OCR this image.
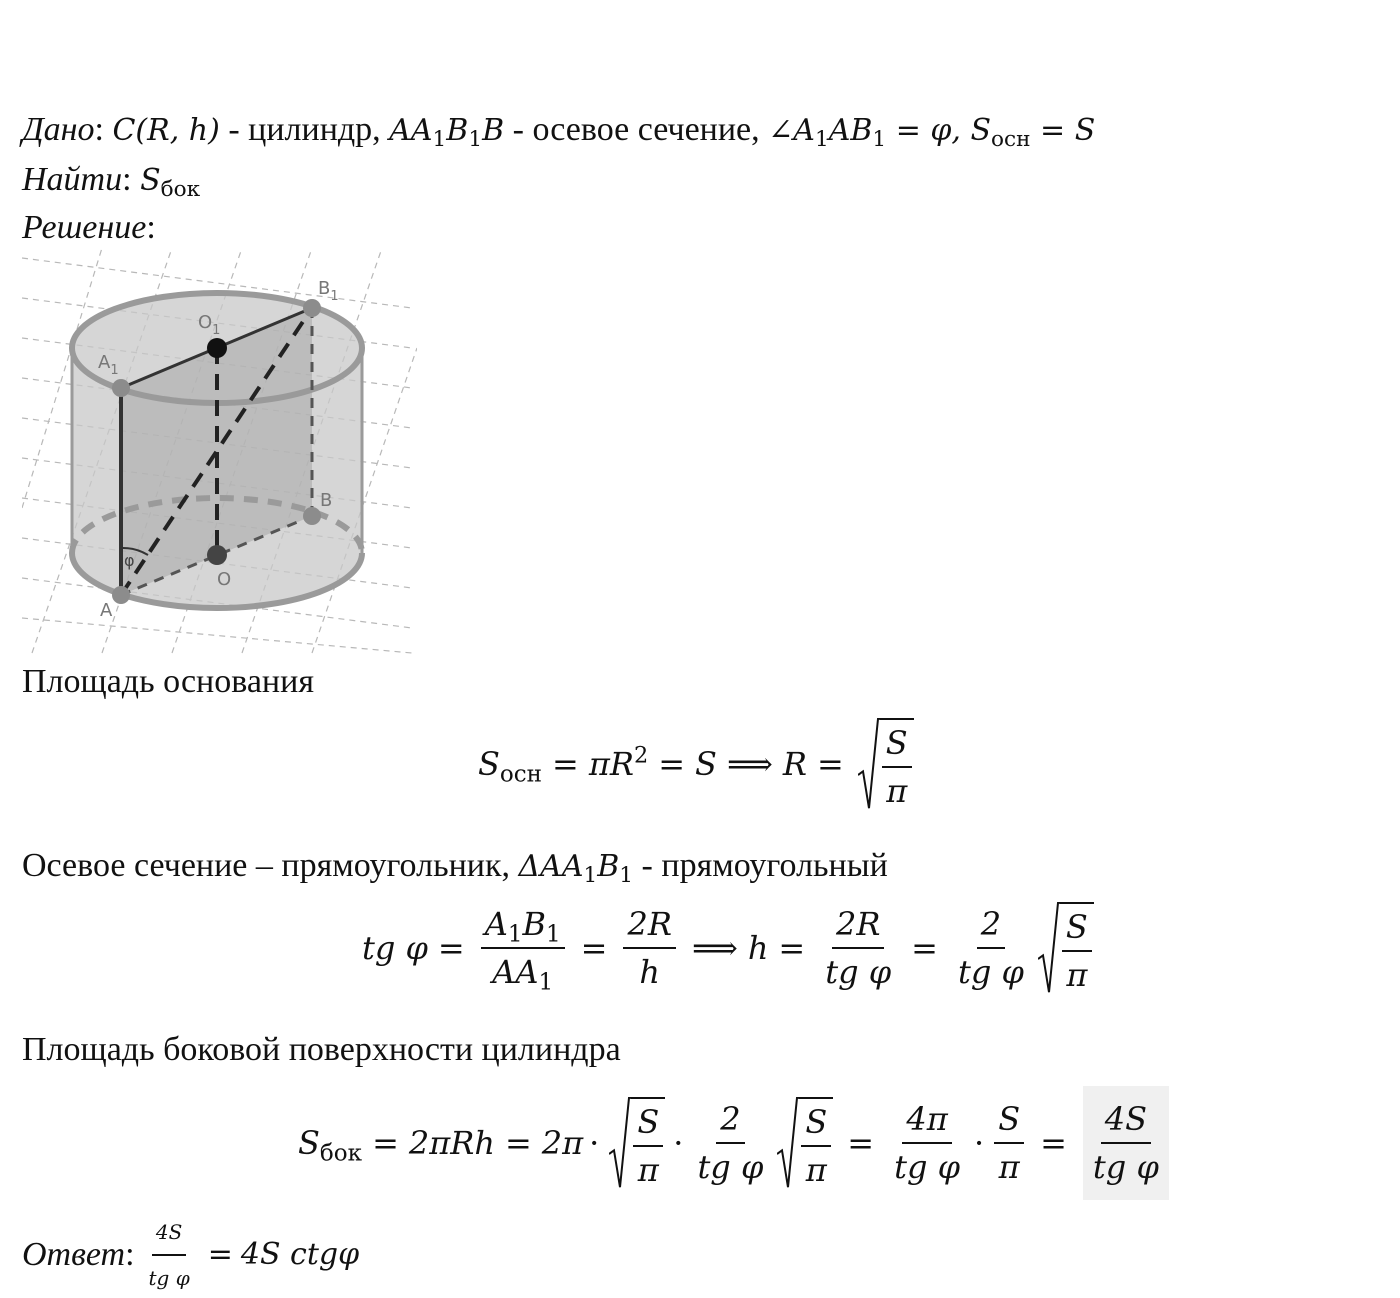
Дано: C(R, h) - цилиндр, $AA_1B_1B$ - осевое сечение, $\angle A_1AB_1 = \varphi$, $S_{осн} = S$
Найти: $S_{бок}$
Решение:
$B_1$
$O_1$
$A_1$
B
O
A
φ
Площадь основания
$S_{осн} = \pi R^2 = S$ ⟹ $R = \frac{S}{\pi}$
Осевое сечение – прямоугольник, $\Delta AA_1B_1$ - прямоугольный
tg $\varphi = \frac{A_1B_1}{AA_1} = \frac{2R}{h}$ ⟹ $h = \frac{2R}{\text{tg φ}} = \frac{2}{\text{tg φ}} \frac{S}{\pi}$
Площадь боковой поверхности цилиндра
$S_{бок} = 2\pi Rh = 2\pi \cdot \frac{S}{\pi} \cdot \frac{2}{\text{tg φ}} \frac{S}{\pi} = \frac{4\pi}{\text{tg φ}} \cdot \frac{S}{\pi} = \frac{4S}{\text{tg φ}}$
Ответ : $\frac{4S}{\text{tg φ}} = 4S$ ctgφ
